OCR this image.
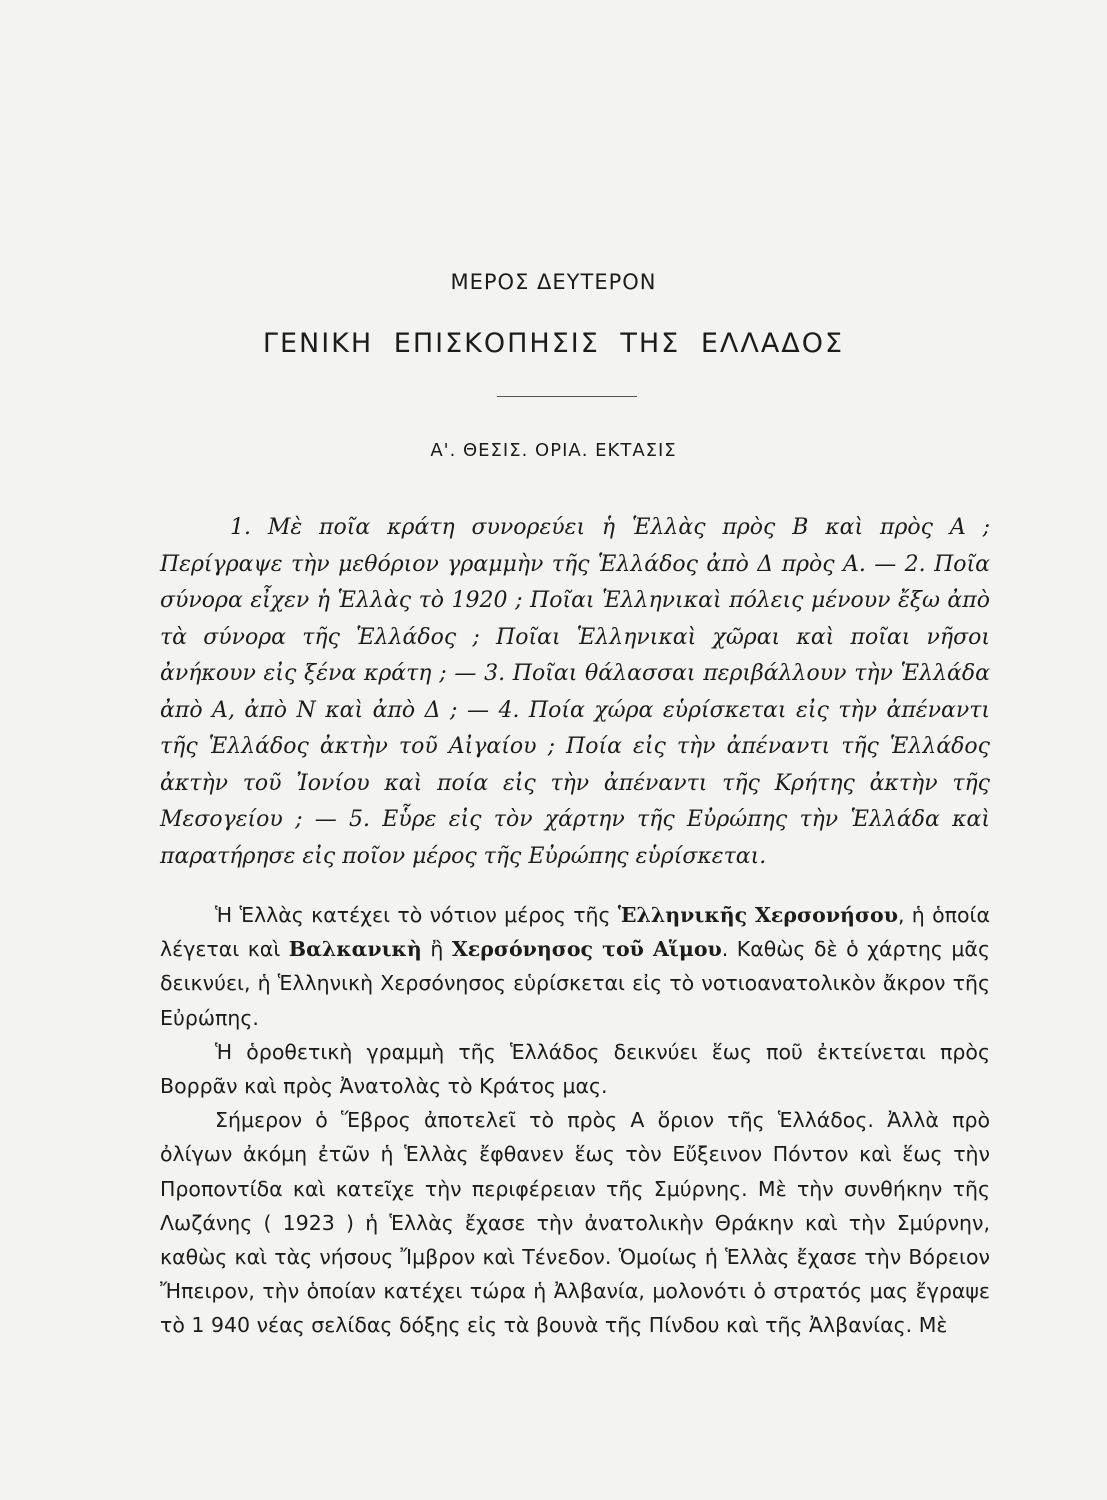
ΜΕΡΟΣ ΔΕΥΤΕΡΟΝ
ΓΕΝΙΚΗ ΕΠΙΣΚΟΠΗΣΙΣ ΤΗΣ ΕΛΛΑΔΟΣ
Α'. ΘΕΣΙΣ. ΟΡΙΑ. ΕΚΤΑΣΙΣ
1. Μὲ ποῖα κράτη συνορεύει ἡ Ἑλλὰς πρὸς Β καὶ πρὸς Α ; Περίγραψε τὴν μεθόριον γραμμὴν τῆς Ἑλλάδος ἀπὸ Δ πρὸς Α. — 2. Ποῖα σύνορα εἶχεν ἡ Ἑλλὰς τὸ 1920 ; Ποῖαι Ἑλληνικαὶ πόλεις μένουν ἔξω ἀπὸ τὰ σύνορα τῆς Ἑλλάδος ; Ποῖαι Ἑλληνικαὶ χῶραι καὶ ποῖαι νῆσοι ἀνήκουν εἰς ξένα κράτη ; — 3. Ποῖαι θάλασσαι περιβάλλουν τὴν Ἑλλάδα ἀπὸ Α, ἀπὸ Ν καὶ ἀπὸ Δ ; — 4. Ποία χώρα εὑρίσκεται εἰς τὴν ἀπέναντι τῆς Ἑλλάδος ἀκτὴν τοῦ Αἰγαίου ; Ποία εἰς τὴν ἀπέναντι τῆς Ἑλλάδος ἀκτὴν τοῦ Ἰονίου καὶ ποία εἰς τὴν ἀπέναντι τῆς Κρήτης ἀκτὴν τῆς Μεσογείου ; — 5. Εὗρε εἰς τὸν χάρτην τῆς Εὐρώπης τὴν Ἑλλάδα καὶ παρατήρησε εἰς ποῖον μέρος τῆς Εὐρώπης εὑρίσκεται.

Ἡ Ἑλλὰς κατέχει τὸ νότιον μέρος τῆς Ἑλληνικῆς Χερσονήσου, ἡ ὁποία λέγεται καὶ Βαλκανικὴ ἢ Χερσόνησος τοῦ Αἵμου. Καθὼς δὲ ὁ χάρτης μᾶς δεικνύει, ἡ Ἑλληνικὴ Χερσόνησος εὑρίσκεται εἰς τὸ νοτιοανατολικὸν ἄκρον τῆς Εὐρώπης.

Ἡ ὁροθετικὴ γραμμὴ τῆς Ἑλλάδος δεικνύει ἕως ποῦ ἐκτείνεται πρὸς Βορρᾶν καὶ πρὸς Ἀνατολὰς τὸ Κράτος μας.

Σήμερον ὁ Ἕβρος ἀποτελεῖ τὸ πρὸς Α ὅριον τῆς Ἑλλάδος. Ἀλλὰ πρὸ ὀλίγων ἀκόμη ἐτῶν ἡ Ἑλλὰς ἔφθανεν ἕως τὸν Εὔξεινον Πόντον καὶ ἕως τὴν Προποντίδα καὶ κατεῖχε τὴν περιφέρειαν τῆς Σμύρνης. Μὲ τὴν συνθήκην τῆς Λωζάνης ( 1923 ) ἡ Ἑλλὰς ἔχασε τὴν ἀνατολικὴν Θράκην καὶ τὴν Σμύρνην, καθὼς καὶ τὰς νήσους Ἴμβρον καὶ Τένεδον. Ὁμοίως ἡ Ἑλλὰς ἔχασε τὴν Βόρειον Ἤπειρον, τὴν ὁποίαν κατέχει τώρα ἡ Ἀλβανία, μολονότι ὁ στρατός μας ἔγραψε τὸ 1 940 νέας σελίδας δόξης εἰς τὰ βουνὰ τῆς Πίνδου καὶ τῆς Ἀλβανίας. Μὲ
